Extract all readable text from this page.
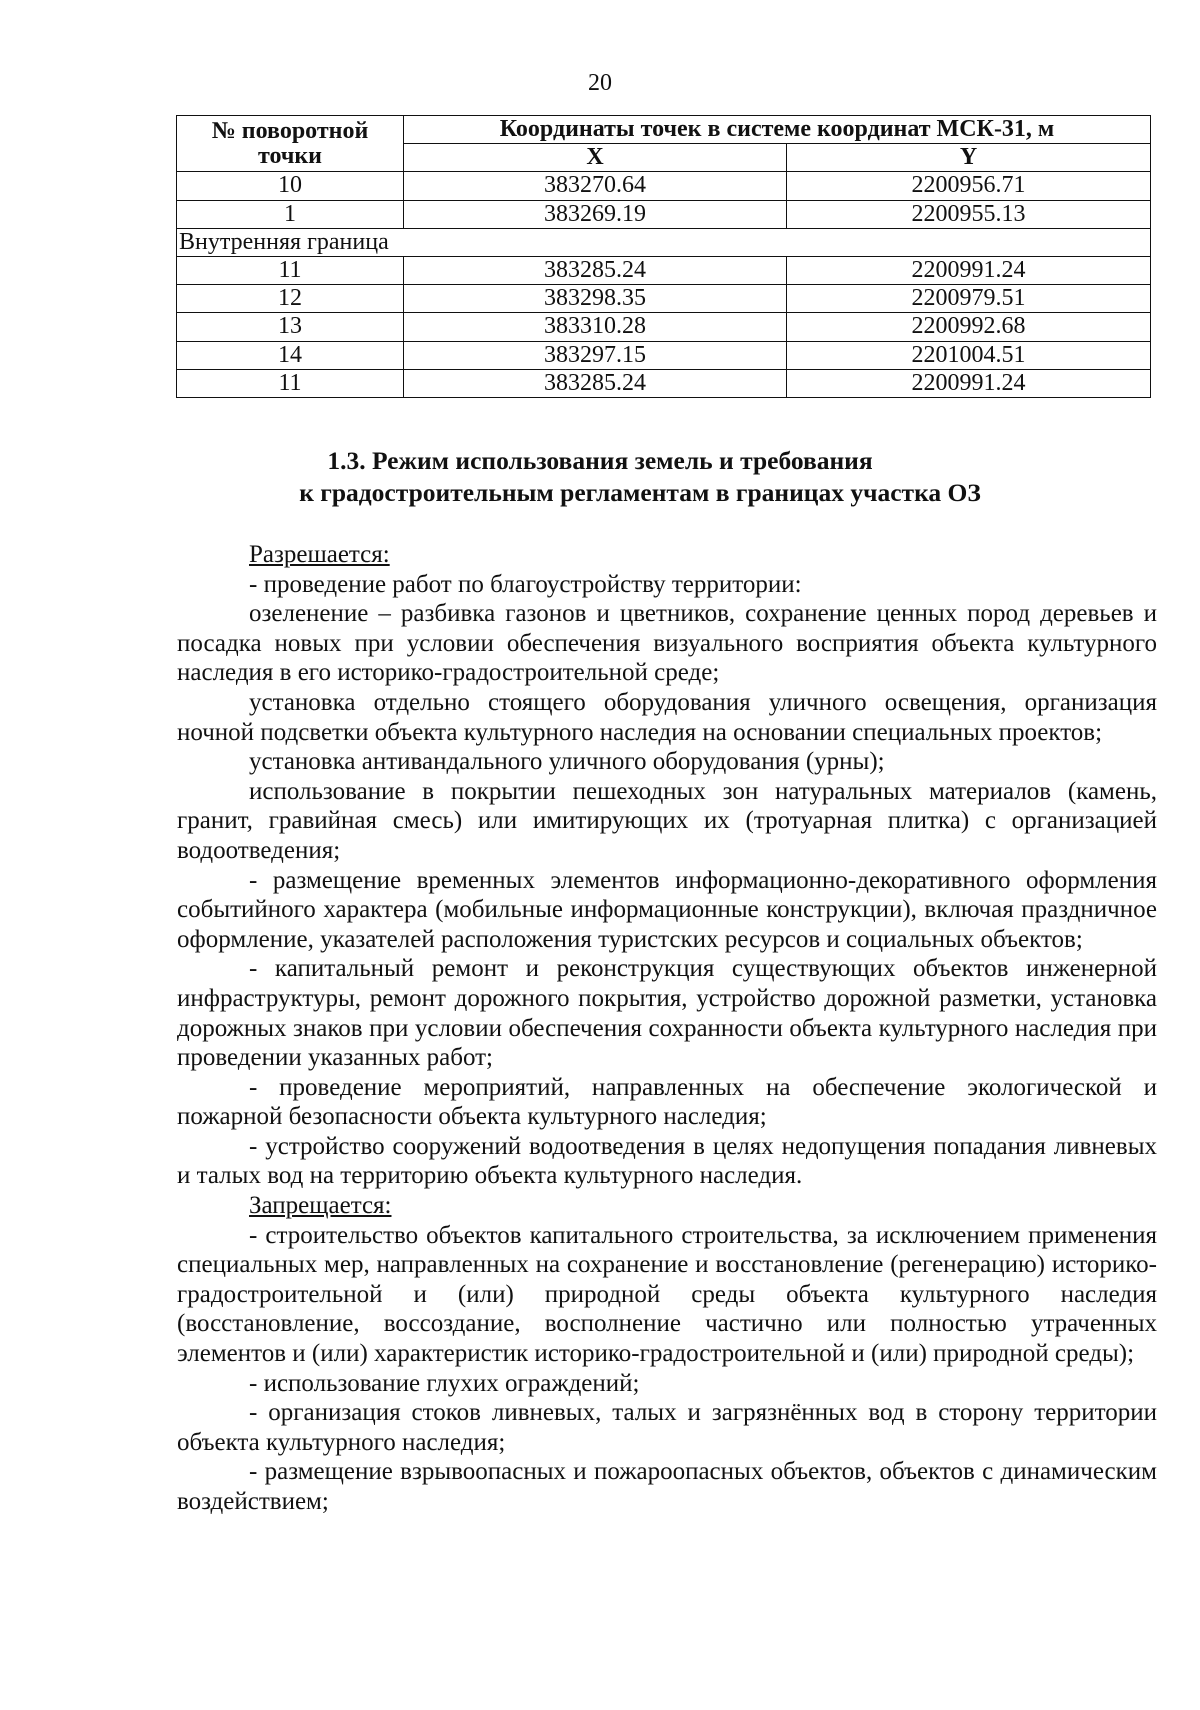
20
№ поворотной точки	Координаты точек в системе координат МСК-31, м	
	X	Y
10	383270.64	2200956.71
1	383269.19	2200955.13
Внутренняя граница		
11	383285.24	2200991.24
12	383298.35	2200979.51
13	383310.28	2200992.68
14	383297.15	2201004.51
11	383285.24	2200991.24
1.3. Режим использования земель и требования
к градостроительным регламентам в границах участка ОЗ

Разрешается:

- проведение работ по благоустройству территории:

озеленение – разбивка газонов и цветников, сохранение ценных пород деревьев и посадка новых при условии обеспечения визуального восприятия объекта культурного наследия в его историко-градостроительной среде;

установка отдельно стоящего оборудования уличного освещения, организация ночной подсветки объекта культурного наследия на основании специальных проектов;

установка антивандального уличного оборудования (урны);

использование в покрытии пешеходных зон натуральных материалов (камень, гранит, гравийная смесь) или имитирующих их (тротуарная плитка) с организацией водоотведения;

- размещение временных элементов информационно-декоративного оформления событийного характера (мобильные информационные конструкции), включая праздничное оформление, указателей расположения туристских ресурсов и социальных объектов;

- капитальный ремонт и реконструкция существующих объектов инженерной инфраструктуры, ремонт дорожного покрытия, устройство дорожной разметки, установка дорожных знаков при условии обеспечения сохранности объекта культурного наследия при проведении указанных работ;

- проведение мероприятий, направленных на обеспечение экологической и пожарной безопасности объекта культурного наследия;

- устройство сооружений водоотведения в целях недопущения попадания ливневых и талых вод на территорию объекта культурного наследия.

Запрещается:

- строительство объектов капитального строительства, за исключением применения специальных мер, направленных на сохранение и восстановление (регенерацию) историко-градостроительной и (или) природной среды объекта культурного наследия (восстановление, воссоздание, восполнение частично или полностью утраченных элементов и (или) характеристик историко-градостроительной и (или) природной среды);

- использование глухих ограждений;

- организация стоков ливневых, талых и загрязнённых вод в сторону территории объекта культурного наследия;

- размещение взрывоопасных и пожароопасных объектов, объектов с динамическим воздействием;
